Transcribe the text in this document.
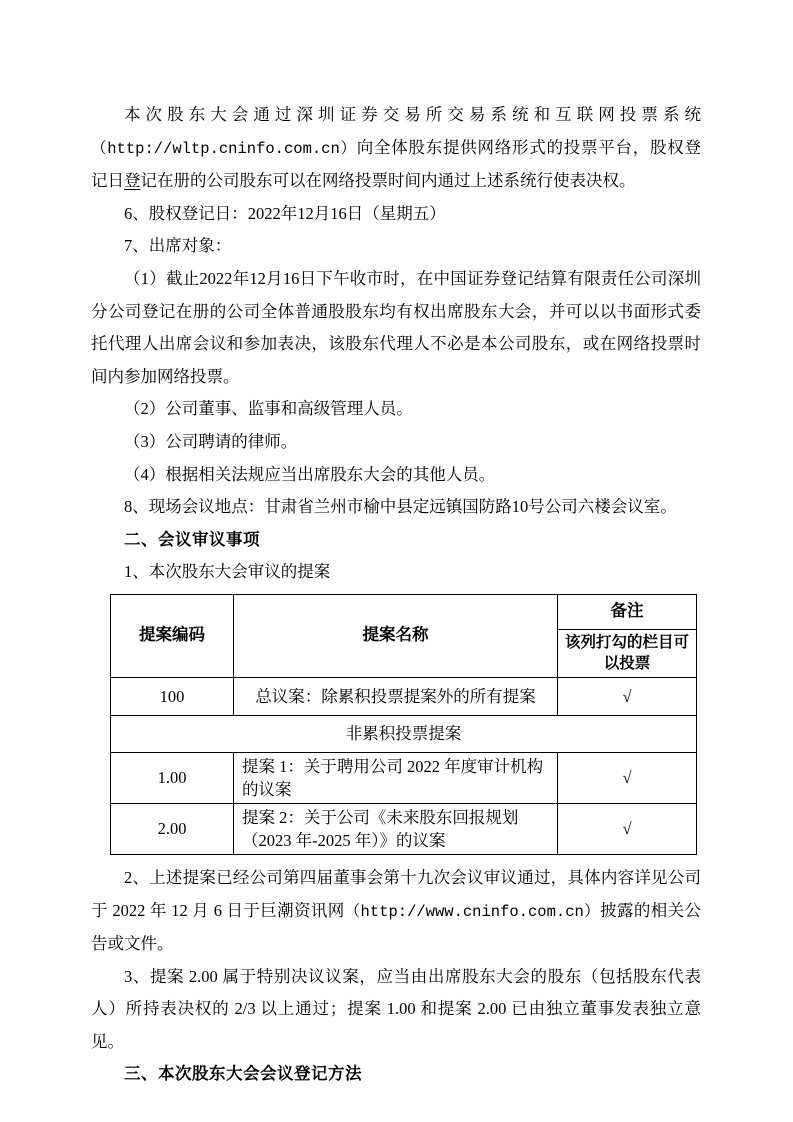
本次股东大会通过深圳证券交易所交易系统和互联网投票系统（http://wltp.cninfo.com.cn）向全体股东提供网络形式的投票平台，股权登记日登记在册的公司股东可以在网络投票时间内通过上述系统行使表决权。

6、股权登记日：2022年12月16日（星期五）

7、出席对象：

（1）截止2022年12月16日下午收市时，在中国证券登记结算有限责任公司深圳分公司登记在册的公司全体普通股股东均有权出席股东大会，并可以以书面形式委托代理人出席会议和参加表决，该股东代理人不必是本公司股东，或在网络投票时间内参加网络投票。

（2）公司董事、监事和高级管理人员。

（3）公司聘请的律师。

（4）根据相关法规应当出席股东大会的其他人员。

8、现场会议地点：甘肃省兰州市榆中县定远镇国防路10号公司六楼会议室。

二、会议审议事项

1、本次股东大会审议的提案

提案编码	提案名称	备注
		该列打勾的栏目可以投票
100	总议案：除累积投票提案外的所有提案	√
非累积投票提案		
1.00	提案 1：关于聘用公司 2022 年度审计机构的议案	√
2.00	提案 2：关于公司《未来股东回报规划（2023 年-2025 年）》的议案	√

2、上述提案已经公司第四届董事会第十九次会议审议通过，具体内容详见公司于 2022 年 12 月 6 日于巨潮资讯网（http://www.cninfo.com.cn）披露的相关公告或文件。

3、提案 2.00 属于特别决议议案，应当由出席股东大会的股东（包括股东代表人）所持表决权的 2/3 以上通过；提案 1.00 和提案 2.00 已由独立董事发表独立意见。

三、本次股东大会会议登记方法
